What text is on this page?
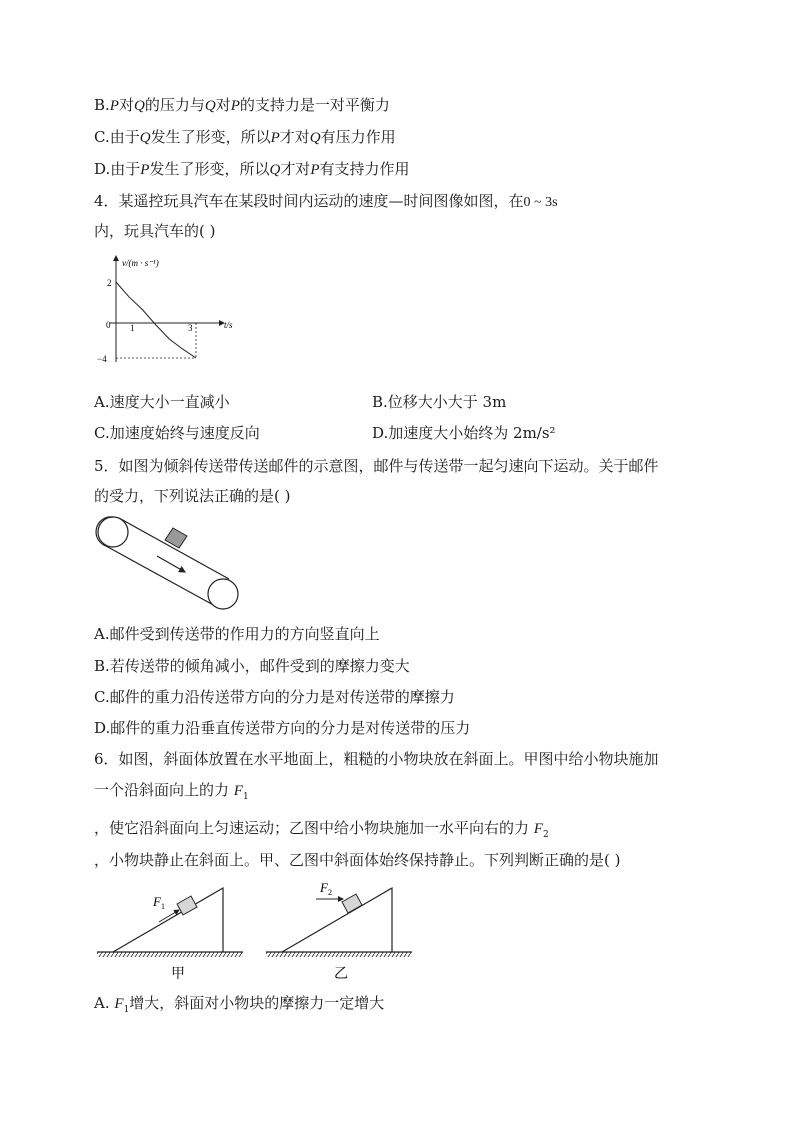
B.P对Q的压力与Q对P的支持力是一对平衡力
C.由于Q发生了形变，所以P才对Q有压力作用
D.由于P发生了形变，所以Q才对P有支持力作用
4．某遥控玩具汽车在某段时间内运动的速度—时间图像如图，在0 ~ 3s
内，玩具汽车的( )
v/(m · s⁻¹)
t/s
0
2
−4
1	3
A.速度大小一直减小	B.位移大小大于 3m
C.加速度始终与速度反向	D.加速度大小始终为 2m/s²
5．如图为倾斜传送带传送邮件的示意图，邮件与传送带一起匀速向下运动。关于邮件
的受力，下列说法正确的是( )
A.邮件受到传送带的作用力的方向竖直向上
B.若传送带的倾角减小，邮件受到的摩擦力变大
C.邮件的重力沿传送带方向的分力是对传送带的摩擦力
D.邮件的重力沿垂直传送带方向的分力是对传送带的压力
6．如图，斜面体放置在水平地面上，粗糙的小物块放在斜面上。甲图中给小物块施加
一个沿斜面向上的力 $F_1$
，使它沿斜面向上匀速运动；乙图中给小物块施加一水平向右的力 $F_2$
，小物块静止在斜面上。甲、乙图中斜面体始终保持静止。下列判断正确的是( )
F 1
甲
F 2
乙
A. $F_1$增大，斜面对小物块的摩擦力一定增大
